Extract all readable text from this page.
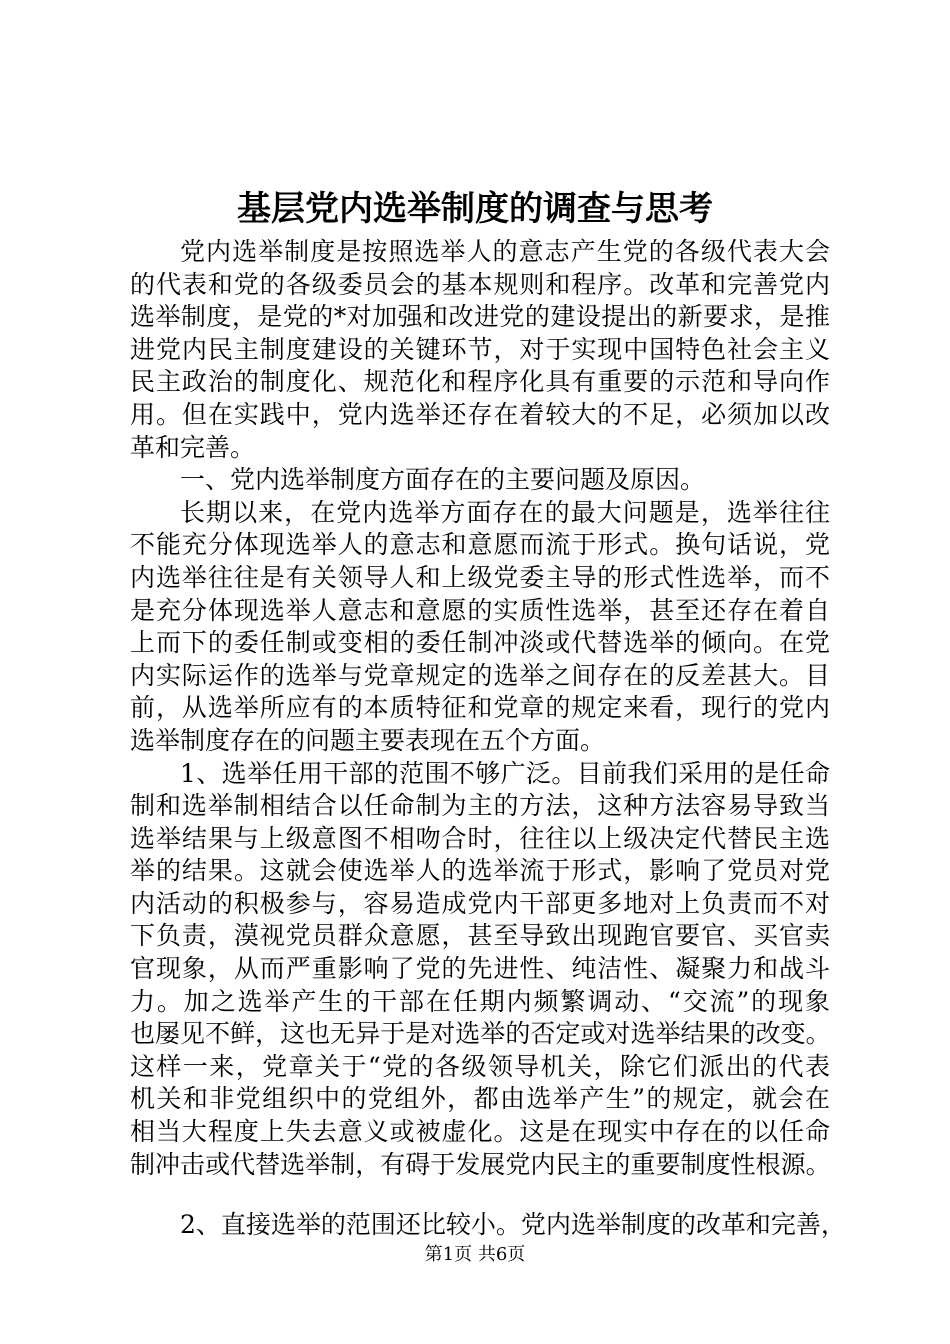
基层党内选举制度的调查与思考
党内选举制度是按照选举人的意志产生党的各级代表大会
的代表和党的各级委员会的基本规则和程序。改革和完善党内
选举制度，是党的*对加强和改进党的建设提出的新要求，是推
进党内民主制度建设的关键环节，对于实现中国特色社会主义
民主政治的制度化、规范化和程序化具有重要的示范和导向作
用。但在实践中，党内选举还存在着较大的不足，必须加以改
革和完善。
一、党内选举制度方面存在的主要问题及原因。
长期以来，在党内选举方面存在的最大问题是，选举往往
不能充分体现选举人的意志和意愿而流于形式。换句话说，党
内选举往往是有关领导人和上级党委主导的形式性选举，而不
是充分体现选举人意志和意愿的实质性选举，甚至还存在着自
上而下的委任制或变相的委任制冲淡或代替选举的倾向。在党
内实际运作的选举与党章规定的选举之间存在的反差甚大。目
前，从选举所应有的本质特征和党章的规定来看，现行的党内
选举制度存在的问题主要表现在五个方面。
1、选举任用干部的范围不够广泛。目前我们采用的是任命
制和选举制相结合以任命制为主的方法，这种方法容易导致当
选举结果与上级意图不相吻合时，往往以上级决定代替民主选
举的结果。这就会使选举人的选举流于形式，影响了党员对党
内活动的积极参与，容易造成党内干部更多地对上负责而不对
下负责，漠视党员群众意愿，甚至导致出现跑官要官、买官卖
官现象，从而严重影响了党的先进性、纯洁性、凝聚力和战斗
力。加之选举产生的干部在任期内频繁调动、“交流”的现象
也屡见不鲜，这也无异于是对选举的否定或对选举结果的改变。
这样一来，党章关于“党的各级领导机关，除它们派出的代表
机关和非党组织中的党组外，都由选举产生”的规定，就会在
相当大程度上失去意义或被虚化。这是在现实中存在的以任命
制冲击或代替选举制，有碍于发展党内民主的重要制度性根源。
2、直接选举的范围还比较小。党内选举制度的改革和完善，
第1页 共6页
